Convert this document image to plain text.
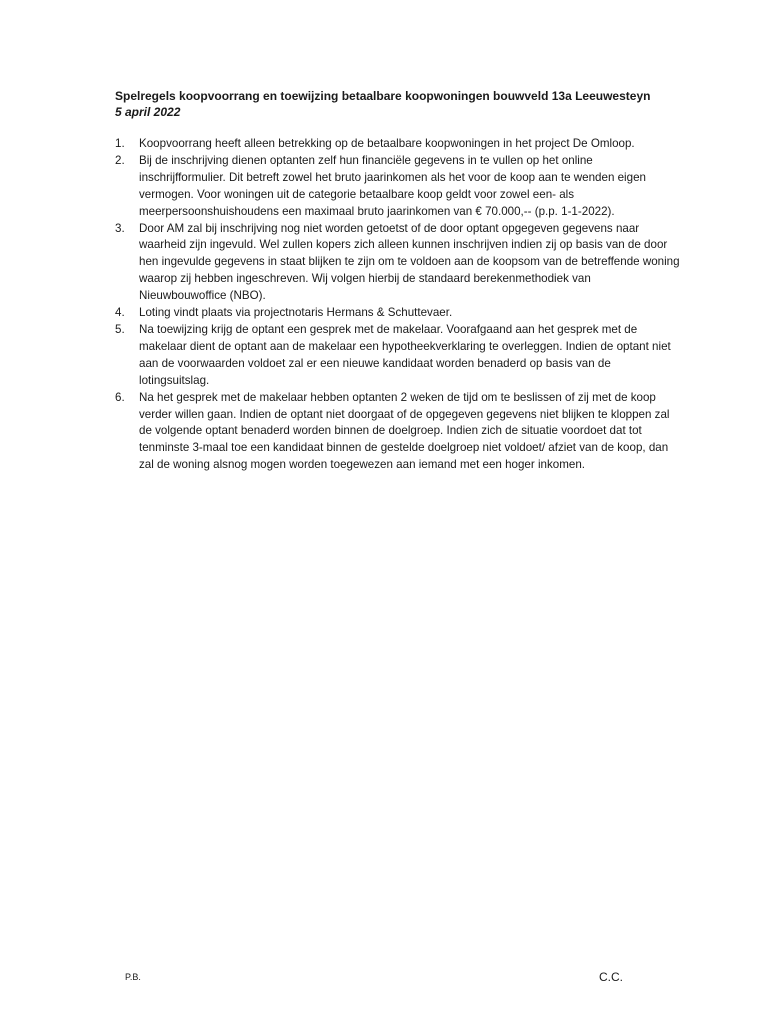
Spelregels koopvoorrang en toewijzing betaalbare koopwoningen bouwveld 13a Leeuwesteyn
5 april 2022
1. Koopvoorrang heeft alleen betrekking op de betaalbare koopwoningen in het project De Omloop.
2. Bij de inschrijving dienen optanten zelf hun financiële gegevens in te vullen op het online inschrijfformulier. Dit betreft zowel het bruto jaarinkomen als het voor de koop aan te wenden eigen vermogen. Voor woningen uit de categorie betaalbare koop geldt voor zowel een- als meerpersoonshuishoudens een maximaal bruto jaarinkomen van € 70.000,-- (p.p. 1-1-2022).
3. Door AM zal bij inschrijving nog niet worden getoetst of de door optant opgegeven gegevens naar waarheid zijn ingevuld. Wel zullen kopers zich alleen kunnen inschrijven indien zij op basis van de door hen ingevulde gegevens in staat blijken te zijn om te voldoen aan de koopsom van de betreffende woning waarop zij hebben ingeschreven. Wij volgen hierbij de standaard berekenmethodiek van Nieuwbouwoffice (NBO).
4. Loting vindt plaats via projectnotaris Hermans & Schuttevaer.
5. Na toewijzing krijg de optant een gesprek met de makelaar. Voorafgaand aan het gesprek met de makelaar dient de optant aan de makelaar een hypotheekverklaring te overleggen. Indien de optant niet aan de voorwaarden voldoet zal er een nieuwe kandidaat worden benaderd op basis van de lotingsuitslag.
6. Na het gesprek met de makelaar hebben optanten 2 weken de tijd om te beslissen of zij met de koop verder willen gaan. Indien de optant niet doorgaat of de opgegeven gegevens niet blijken te kloppen zal de volgende optant benaderd worden binnen de doelgroep. Indien zich de situatie voordoet dat tot tenminste 3-maal toe een kandidaat binnen de gestelde doelgroep niet voldoet/ afziet van de koop, dan zal de woning alsnog mogen worden toegewezen aan iemand met een hoger inkomen.
P.B.	C.C.
